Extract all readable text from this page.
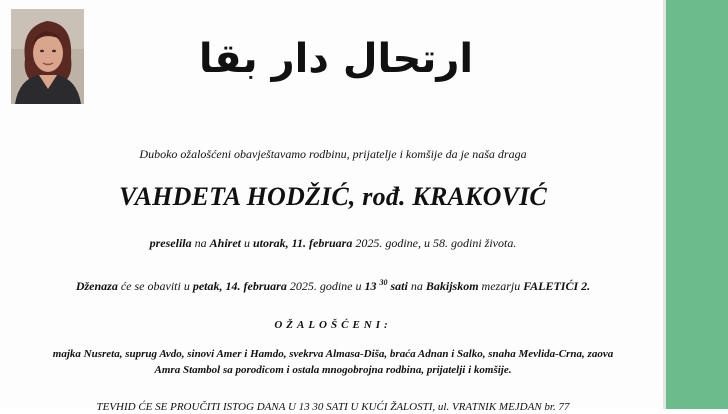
ارتحال دار بقا
Duboko ožalošćeni obavještavamo rodbinu, prijatelje i komšije da je naša draga
VAHDETA HODŽIĆ, rođ. KRAKOVIĆ
preselila na Ahiret u utorak, 11. februara 2025. godine, u 58. godini života.
Dženaza će se obaviti u petak, 14. februara 2025. godine u 13 $^{30}$ sati na Bakijskom mezarju FALETIĆI 2.
OŽALOŠĆENI:
majka Nusreta, suprug Avdo, sinovi Amer i Hamdo, svekrva Almasa-Diša, braća Adnan i Salko, snaha Mevlida-Crna, zaova
Amra Stambol sa porodicom i ostala mnogobrojna rodbina, prijatelji i komšije.
TEVHID ĆE SE PROUČITI ISTOG DANA U 13 30 SATI U KUĆI ŽALOSTI, ul. VRATNIK MEJDAN br. 77
